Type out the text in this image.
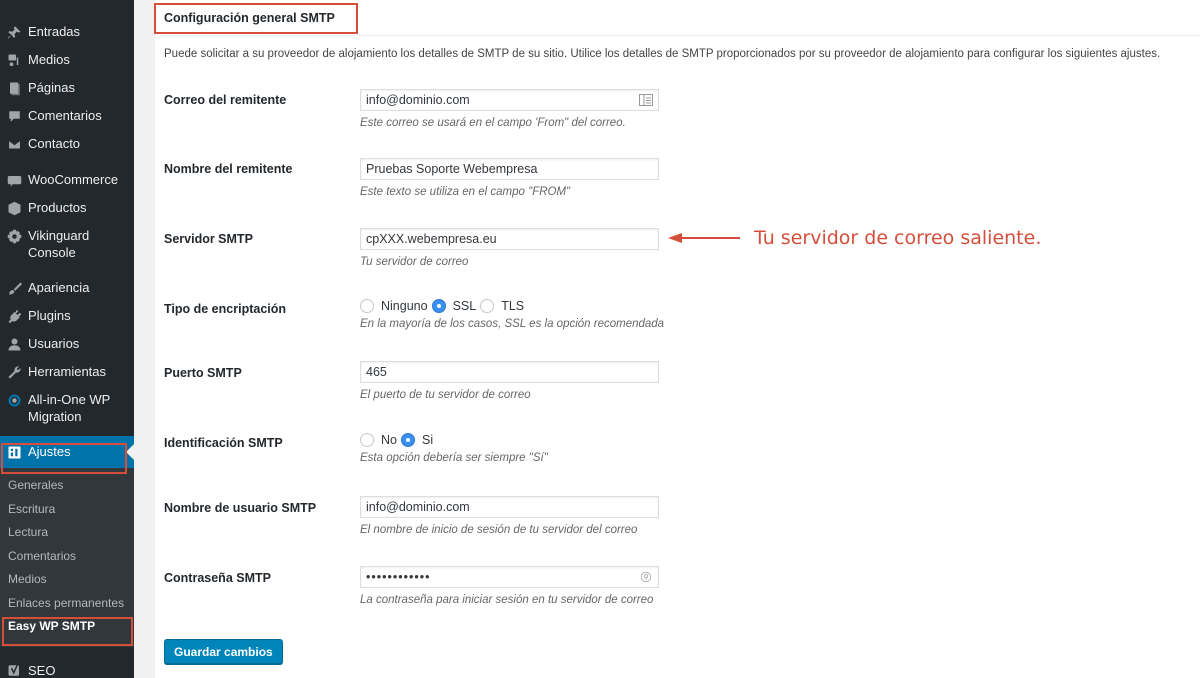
Entradas
Medios
Páginas
Comentarios
Contacto
WooCommerce
Productos
Vikinguard Console
Apariencia
Plugins
Usuarios
Herramientas
All-in-One WP Migration
Ajustes
Generales
Escritura
Lectura
Comentarios
Medios
Enlaces permanentes
Easy WP SMTP
SEO
Configuración general SMTP

Puede solicitar a su proveedor de alojamiento los detalles de SMTP de su sitio. Utilice los detalles de SMTP proporcionados por su proveedor de alojamiento para configurar los siguientes ajustes.

Correo del remitente	info@dominio.com
Este correo se usará en el campo 'From" del correo.
Nombre del remitente	Pruebas Soporte Webempresa
Este texto se utiliza en el campo "FROM"
Servidor SMTP	cpXXX.webempresa.eu
Tu servidor de correo
Tipo de encriptación	Ninguno SSL TLS
En la mayoría de los casos, SSL es la opción recomendada
Puerto SMTP	465
El puerto de tu servidor de correo
Identificación SMTP	No Si
Esta opción debería ser siempre "Sí"
Nombre de usuario SMTP	info@dominio.com
El nombre de inicio de sesión de tu servidor del correo
Contraseña SMTP	••••••••••••
La contraseña para iniciar sesión en tu servidor de correo
Guardar cambios
Tu servidor de correo saliente.
